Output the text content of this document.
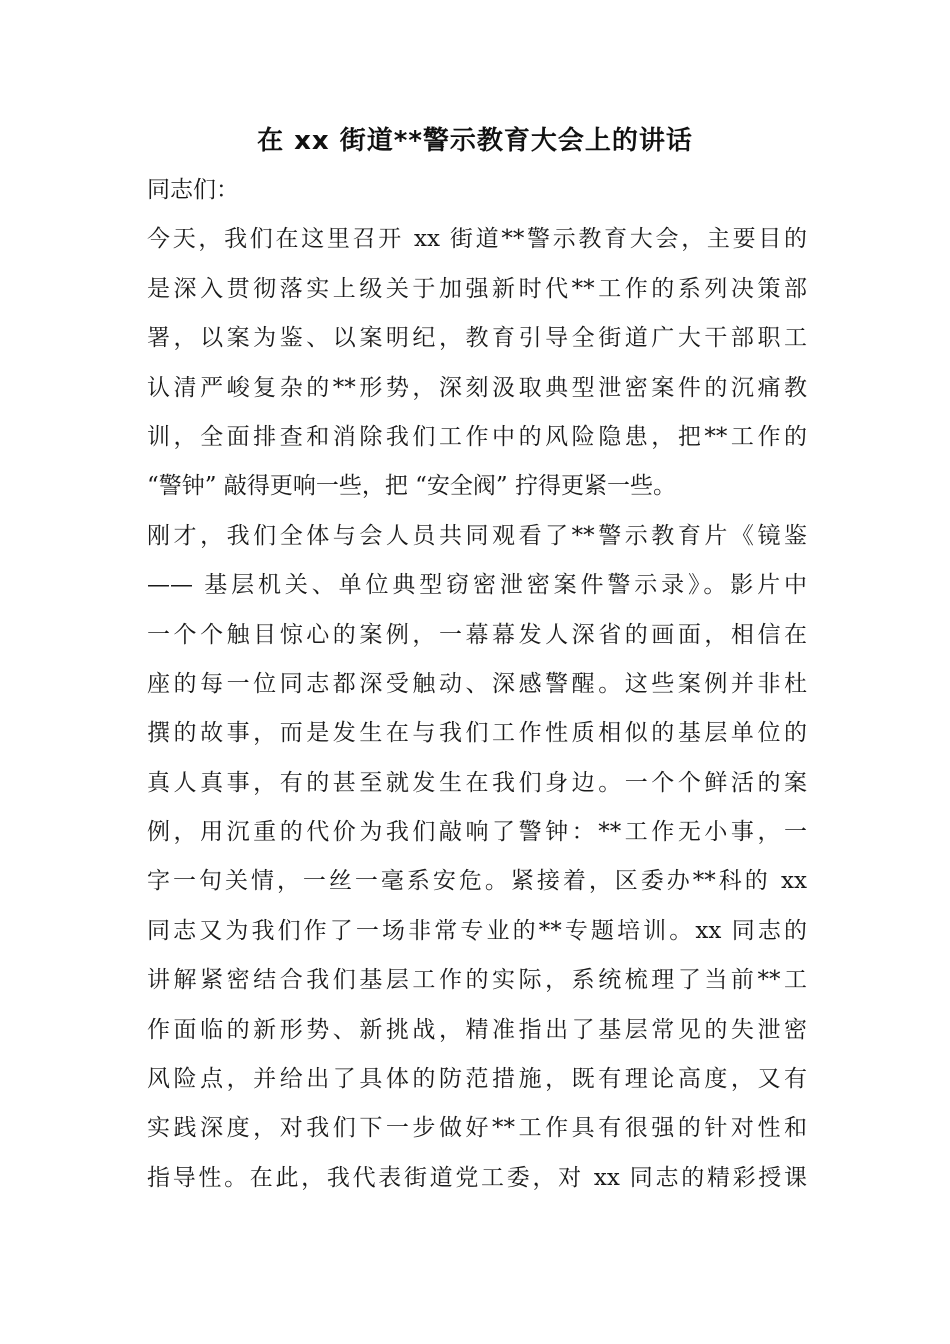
在 xx 街道**警示教育大会上的讲话
同志们：
今天，我们在这里召开 xx 街道**警示教育大会，主要目的
是深入贯彻落实上级关于加强新时代**工作的系列决策部
署，以案为鉴、以案明纪，教育引导全街道广大干部职工
认清严峻复杂的**形势，深刻汲取典型泄密案件的沉痛教
训，全面排查和消除我们工作中的风险隐患，把**工作的
“警钟” 敲得更响一些，把 “安全阀” 拧得更紧一些。
刚才，我们全体与会人员共同观看了**警示教育片《镜鉴
—— 基层机关、单位典型窃密泄密案件警示录》。影片中
一个个触目惊心的案例，一幕幕发人深省的画面，相信在
座的每一位同志都深受触动、深感警醒。这些案例并非杜
撰的故事，而是发生在与我们工作性质相似的基层单位的
真人真事，有的甚至就发生在我们身边。一个个鲜活的案
例，用沉重的代价为我们敲响了警钟：**工作无小事，一
字一句关情，一丝一毫系安危。紧接着，区委办**科的 xx
同志又为我们作了一场非常专业的**专题培训。xx 同志的
讲解紧密结合我们基层工作的实际，系统梳理了当前**工
作面临的新形势、新挑战，精准指出了基层常见的失泄密
风险点，并给出了具体的防范措施，既有理论高度，又有
实践深度，对我们下一步做好**工作具有很强的针对性和
指导性。在此，我代表街道党工委，对 xx 同志的精彩授课
